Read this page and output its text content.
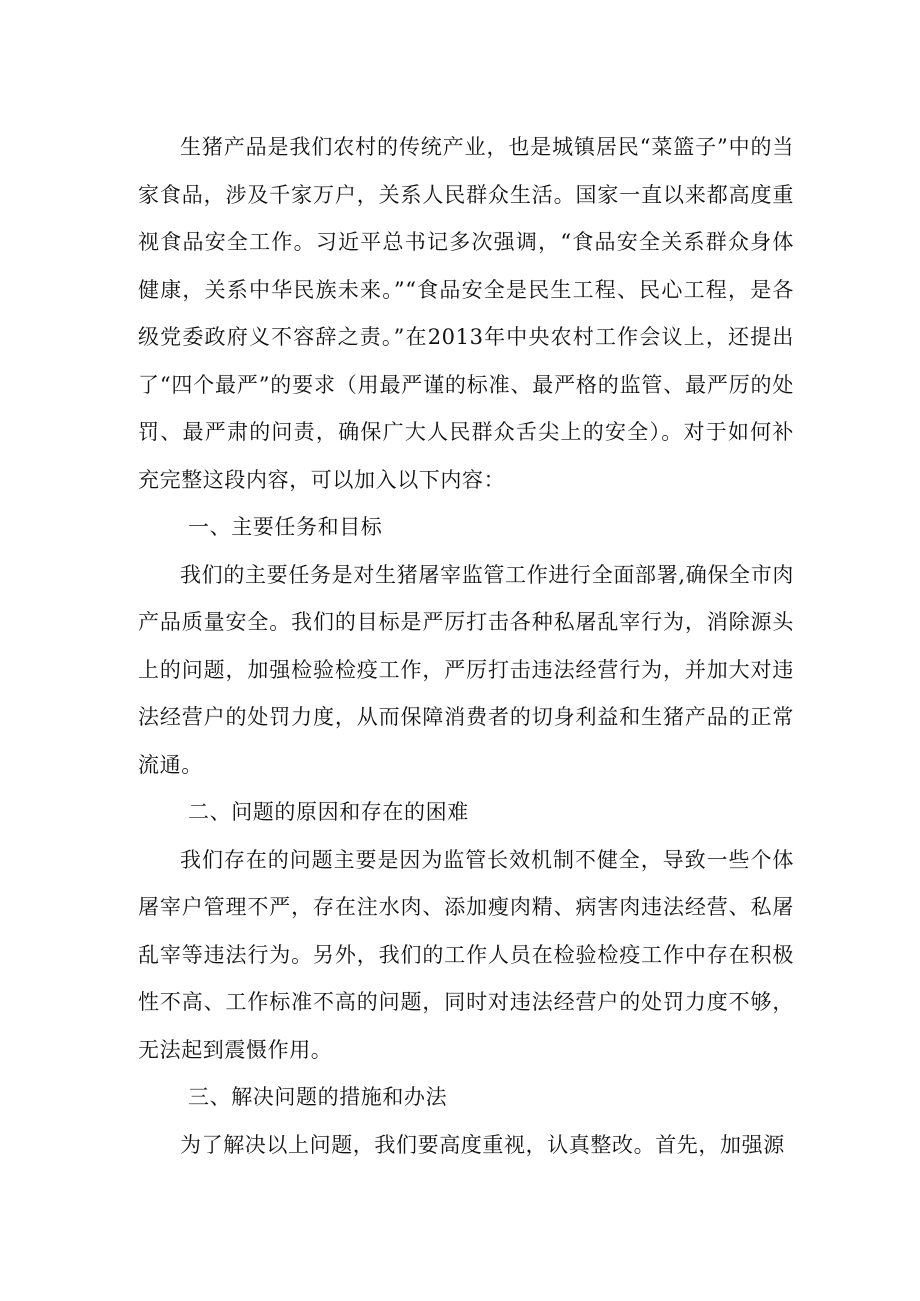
生猪产品是我们农村的传统产业，也是城镇居民“菜篮子”中的当家食品，涉及千家万户，关系人民群众生活。国家一直以来都高度重视食品安全工作。习近平总书记多次强调，“食品安全关系群众身体健康，关系中华民族未来。”“食品安全是民生工程、民心工程，是各级党委政府义不容辞之责。”在2013年中央农村工作会议上，还提出了“四个最严”的要求（用最严谨的标准、最严格的监管、最严厉的处罚、最严肃的问责，确保广大人民群众舌尖上的安全）。对于如何补充完整这段内容，可以加入以下内容：

一、主要任务和目标

我们的主要任务是对生猪屠宰监管工作进行全面部署,确保全市肉产品质量安全。我们的目标是严厉打击各种私屠乱宰行为，消除源头上的问题，加强检验检疫工作，严厉打击违法经营行为，并加大对违法经营户的处罚力度，从而保障消费者的切身利益和生猪产品的正常流通。

二、问题的原因和存在的困难

我们存在的问题主要是因为监管长效机制不健全，导致一些个体屠宰户管理不严，存在注水肉、添加瘦肉精、病害肉违法经营、私屠乱宰等违法行为。另外，我们的工作人员在检验检疫工作中存在积极性不高、工作标准不高的问题，同时对违法经营户的处罚力度不够，无法起到震慑作用。

三、解决问题的措施和办法

为了解决以上问题，我们要高度重视，认真整改。首先，加强源
